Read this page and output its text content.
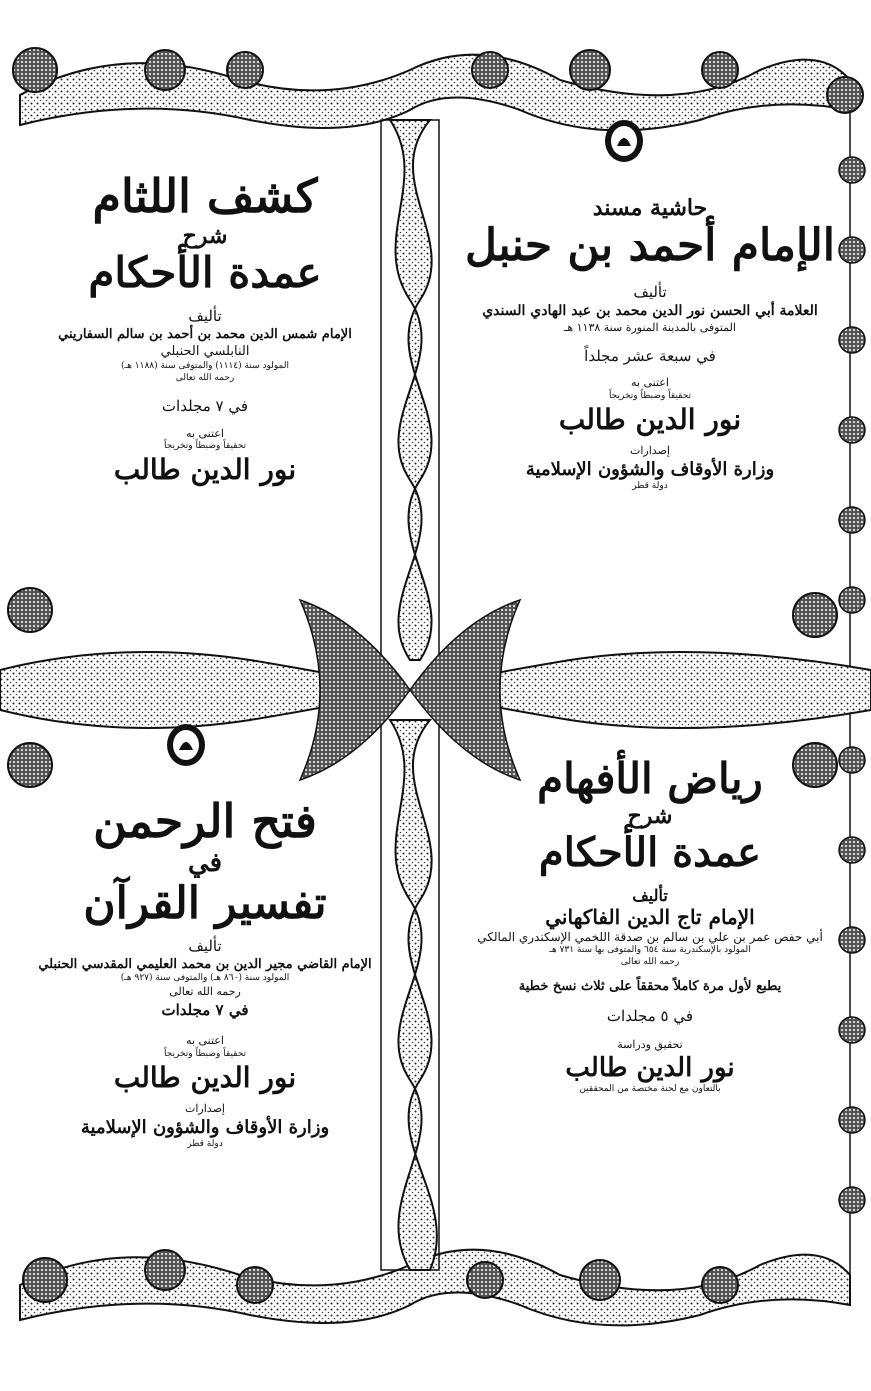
حاشية مسند
الإمام أحمد بن حنبل
تأليف
العلامة أبي الحسن نور الدين محمد بن عبد الهادي السندي
المتوفى بالمدينة المنورة سنة ١١٣٨ هـ
في سبعة عشر مجلداً
اعتنى به
تحقيقاً وضبطاً وتخريجاً
نور الدين طالب
إصدارات
وزارة الأوقاف والشؤون الإسلامية
دولة قطر
كشف اللثام
شرح
عمدة الأحكام
تأليف
الإمام شمس الدين محمد بن أحمد بن سالم السفاريني
النابلسي الحنبلي
المولود سنة (١١١٤) والمتوفى سنة (١١٨٨ هـ)
رحمه الله تعالى
في ٧ مجلدات
اعتنى به
تحقيقاً وضبطاً وتخريجاً
نور الدين طالب
رياض الأفهام
شرح
عمدة الأحكام
تأليف
الإمام تاج الدين الفاكهاني
أبي حفص عمر بن علي بن سالم بن صدقة اللخمي الإسكندري المالكي
المولود بالإسكندرية سنة ٦٥٤ والمتوفى بها سنة ٧٣١ هـ
رحمه الله تعالى
يطبع لأول مرة كاملاً محققاً على ثلاث نسخ خطية
في ٥ مجلدات
تحقيق ودراسة
نور الدين طالب
بالتعاون مع لجنة مختصة من المحققين
فتح الرحمن
في
تفسير القرآن
تأليف
الإمام القاضي مجير الدين بن محمد العليمي المقدسي الحنبلي
المولود سنة (٨٦٠ هـ) والمتوفى سنة (٩٢٧ هـ)
رحمه الله تعالى
في ٧ مجلدات
اعتنى به
تحقيقاً وضبطاً وتخريجاً
نور الدين طالب
إصدارات
وزارة الأوقاف والشؤون الإسلامية
دولة قطر
